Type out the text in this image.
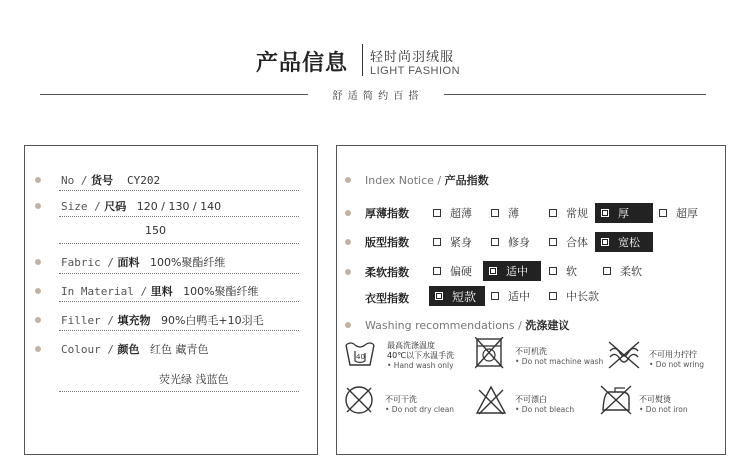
产品信息 轻时尚羽绒服
LIGHT FASHION
舒 适 简 约 百 搭
No / 货号 CY202
Size / 尺码 120 / 130 / 140
150
Fabric / 面料 100%聚酯纤维
In Material / 里料 100%聚酯纤维
Filler / 填充物 90%白鸭毛+10羽毛
Colour / 颜色 红色 藏青色
荧光绿 浅蓝色
Index Notice / 产品指数
厚薄指数	超薄	薄	常规	厚	超厚
版型指数	紧身	修身	合体	宽松
柔软指数	偏硬	适中	软	柔软
衣型指数	短款	适中	中长款
Washing recommendations / 洗涤建议
40
最高洗涤温度
40℃以下水温手洗
• Hand wash only
不可机洗
• Do not machine wash
不可用力拧拧
• Do not wring
不可干洗
• Do not dry clean
不可漂白
• Do not bleach
不可熨烫
• Do not iron
